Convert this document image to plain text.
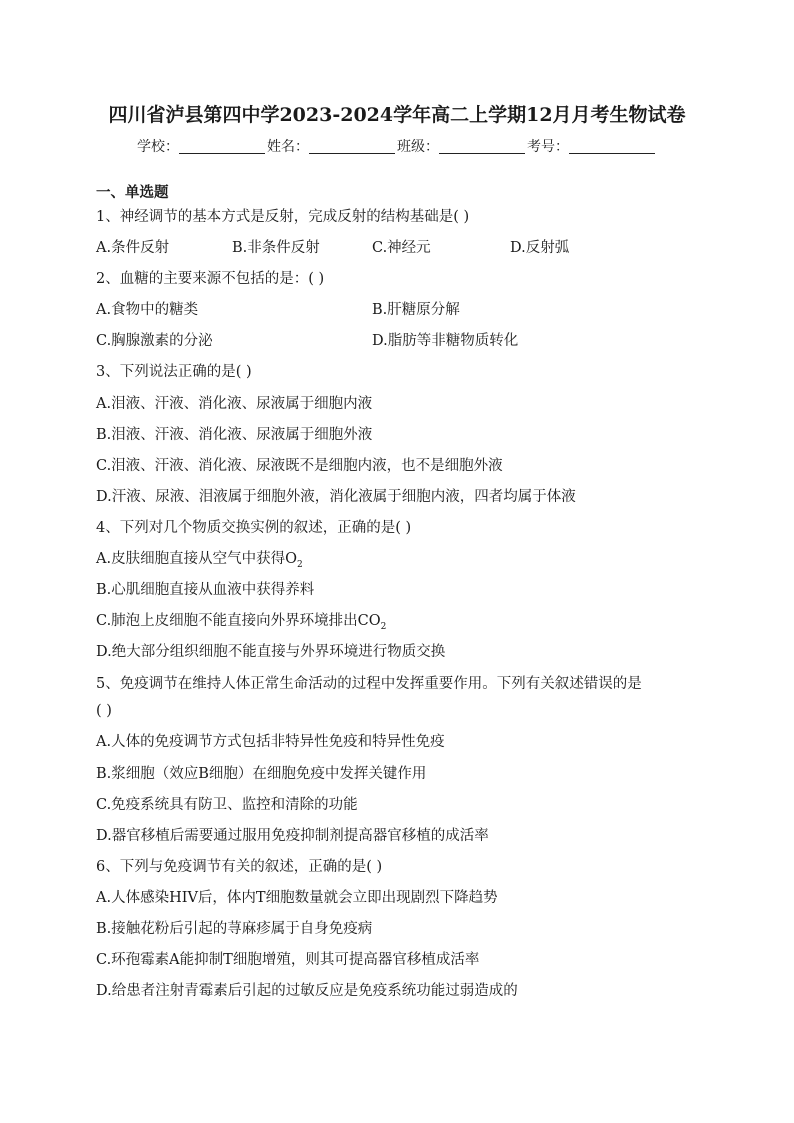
四川省泸县第四中学2023-2024学年高二上学期12月月考生物试卷
学校：	姓名：	班级：	考号：
一、单选题
1、神经调节的基本方式是反射，完成反射的结构基础是( )
A.条件反射	B.非条件反射	C.神经元	D.反射弧
2、血糖的主要来源不包括的是：( )
A.食物中的糖类	B.肝糖原分解
C.胸腺激素的分泌	D.脂肪等非糖物质转化
3、下列说法正确的是( )
A.泪液、汗液、消化液、尿液属于细胞内液
B.泪液、汗液、消化液、尿液属于细胞外液
C.泪液、汗液、消化液、尿液既不是细胞内液，也不是细胞外液
D.汗液、尿液、泪液属于细胞外液，消化液属于细胞内液，四者均属于体液
4、下列对几个物质交换实例的叙述，正确的是( )
A.皮肤细胞直接从空气中获得$O_2$
B.心肌细胞直接从血液中获得养料
C.肺泡上皮细胞不能直接向外界环境排出$CO_2$
D.绝大部分组织细胞不能直接与外界环境进行物质交换
5、免疫调节在维持人体正常生命活动的过程中发挥重要作用。下列有关叙述错误的是
( )
A.人体的免疫调节方式包括非特异性免疫和特异性免疫
B.浆细胞（效应B细胞）在细胞免疫中发挥关键作用
C.免疫系统具有防卫、监控和清除的功能
D.器官移植后需要通过服用免疫抑制剂提高器官移植的成活率
6、下列与免疫调节有关的叙述，正确的是( )
A.人体感染HIV后，体内T细胞数量就会立即出现剧烈下降趋势
B.接触花粉后引起的荨麻疹属于自身免疫病
C.环孢霉素A能抑制T细胞增殖，则其可提高器官移植成活率
D.给患者注射青霉素后引起的过敏反应是免疫系统功能过弱造成的
